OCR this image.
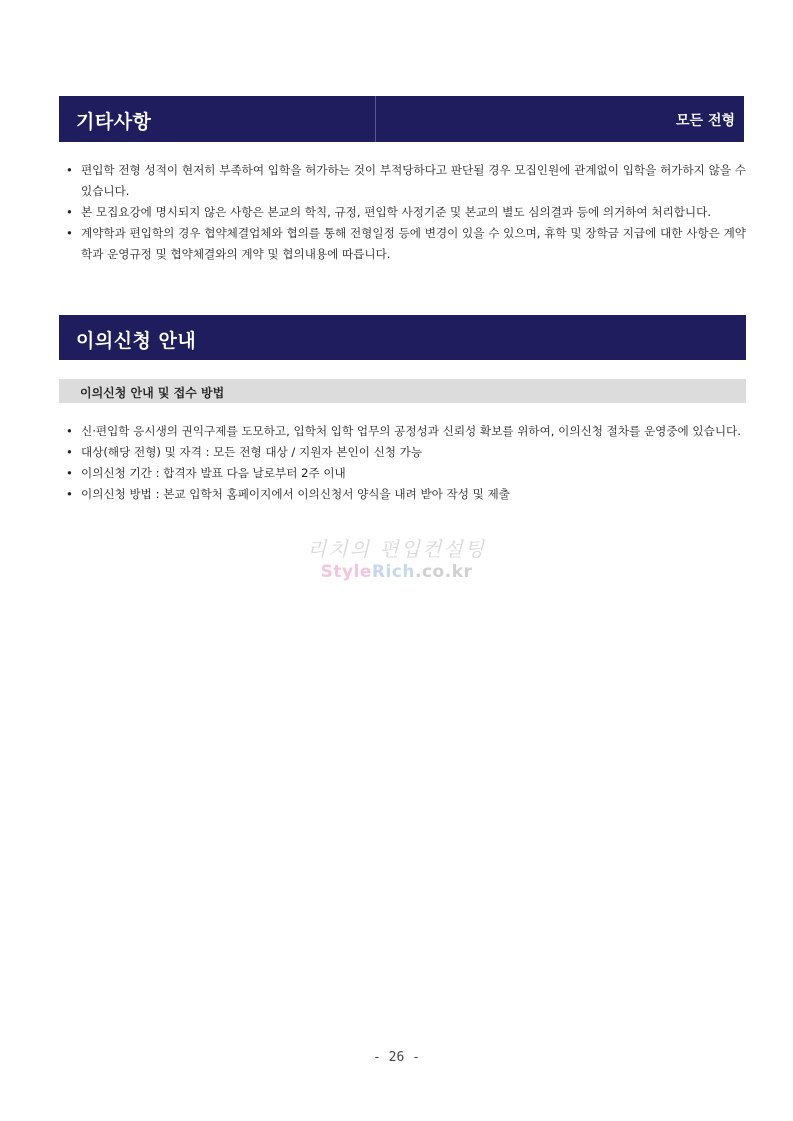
기타사항	모든 전형
• 편입학 전형 성적이 현저히 부족하여 입학을 허가하는 것이 부적당하다고 판단될 경우 모집인원에 관계없이 입학을 허가하지 않을 수 있습니다.
• 본 모집요강에 명시되지 않은 사항은 본교의 학칙, 규정, 편입학 사정기준 및 본교의 별도 심의결과 등에 의거하여 처리합니다.
• 계약학과 편입학의 경우 협약체결업체와 협의를 통해 전형일정 등에 변경이 있을 수 있으며, 휴학 및 장학금 지급에 대한 사항은 계약학과 운영규정 및 협약체결와의 계약 및 협의내용에 따릅니다.
이의신청 안내
이의신청 안내 및 접수 방법
• 신·편입학 응시생의 권익구제를 도모하고, 입학처 입학 업무의 공정성과 신뢰성 확보를 위하여, 이의신청 절차를 운영중에 있습니다.
• 대상(해당 전형) 및 자격 : 모든 전형 대상 / 지원자 본인이 신청 가능
• 이의신청 기간 : 합격자 발표 다음 날로부터 2주 이내
• 이의신청 방법 : 본교 입학처 홈페이지에서 이의신청서 양식을 내려 받아 작성 및 제출
리치의 편입컨설팅
StyleRich.co.kr
- 26 -
